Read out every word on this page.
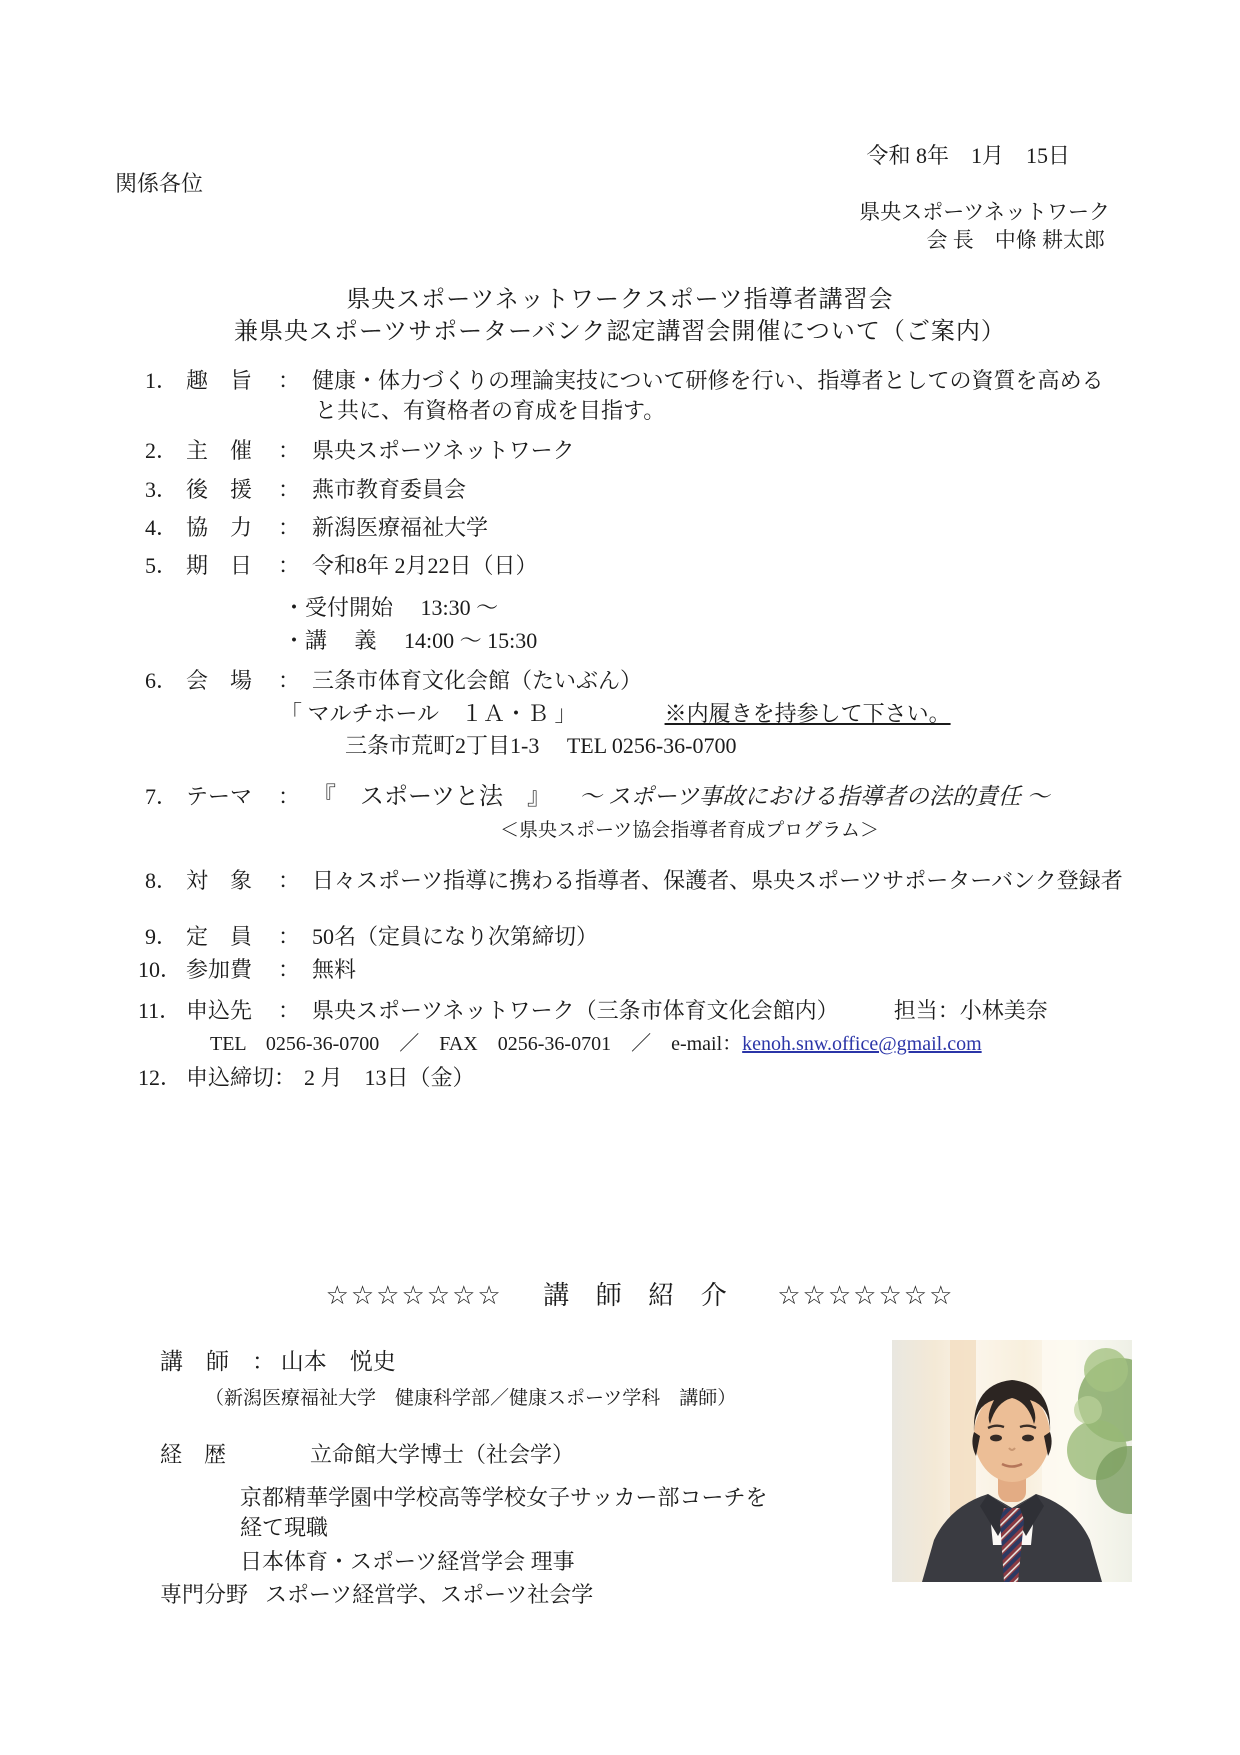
令和 8年　1月　15日
関係各位
県央スポーツネットワーク
会 長　中條 耕太郎
県央スポーツネットワークスポーツ指導者講習会
兼県央スポーツサポーターバンク認定講習会開催について（ご案内）
1． 趣　旨	： 健康・体力づくりの理論実技について研修を行い、指導者としての資質を高める
と共に、有資格者の育成を目指す。
2． 主　催	： 県央スポーツネットワーク
3． 後　援	： 燕市教育委員会
4． 協　力	： 新潟医療福祉大学
5． 期　日	： 令和8年 2月22日（日）
・受付開始　 13:30 ～
・講　 義　 14:00 ～ 15:30
6． 会　場	： 三条市体育文化会館（たいぶん）
「 マルチホール　１Ａ・Ｂ 」	※内履きを持参して下さい。
三条市荒町2丁目1-3　 TEL 0256-36-0700
7． テーマ	： 『　スポーツと法　』 ～ スポーツ事故における指導者の法的責任 ～
＜県央スポーツ協会指導者育成プログラム＞
8． 対　象	： 日々スポーツ指導に携わる指導者、保護者、県央スポーツサポーターバンク登録者
9． 定　員	： 50名（定員になり次第締切）
10． 参加費	： 無料
11． 申込先	： 県央スポーツネットワーク（三条市体育文化会館内）	担当：小林美奈
TEL　0256-36-0700　／　FAX　0256-36-0701　／　e-mail：kenoh.snw.office@gmail.com
12． 申込締切： 2 月　13日（金）
☆☆☆☆☆☆☆ 講 師 紹 介 ☆☆☆☆☆☆☆
講　師　： 山本　悦史
（新潟医療福祉大学　健康科学部／健康スポーツ学科　講師）
経　歴	立命館大学博士（社会学）
京都精華学園中学校高等学校女子サッカー部コーチを
経て現職
日本体育・スポーツ経営学会 理事
専門分野 スポーツ経営学、スポーツ社会学
